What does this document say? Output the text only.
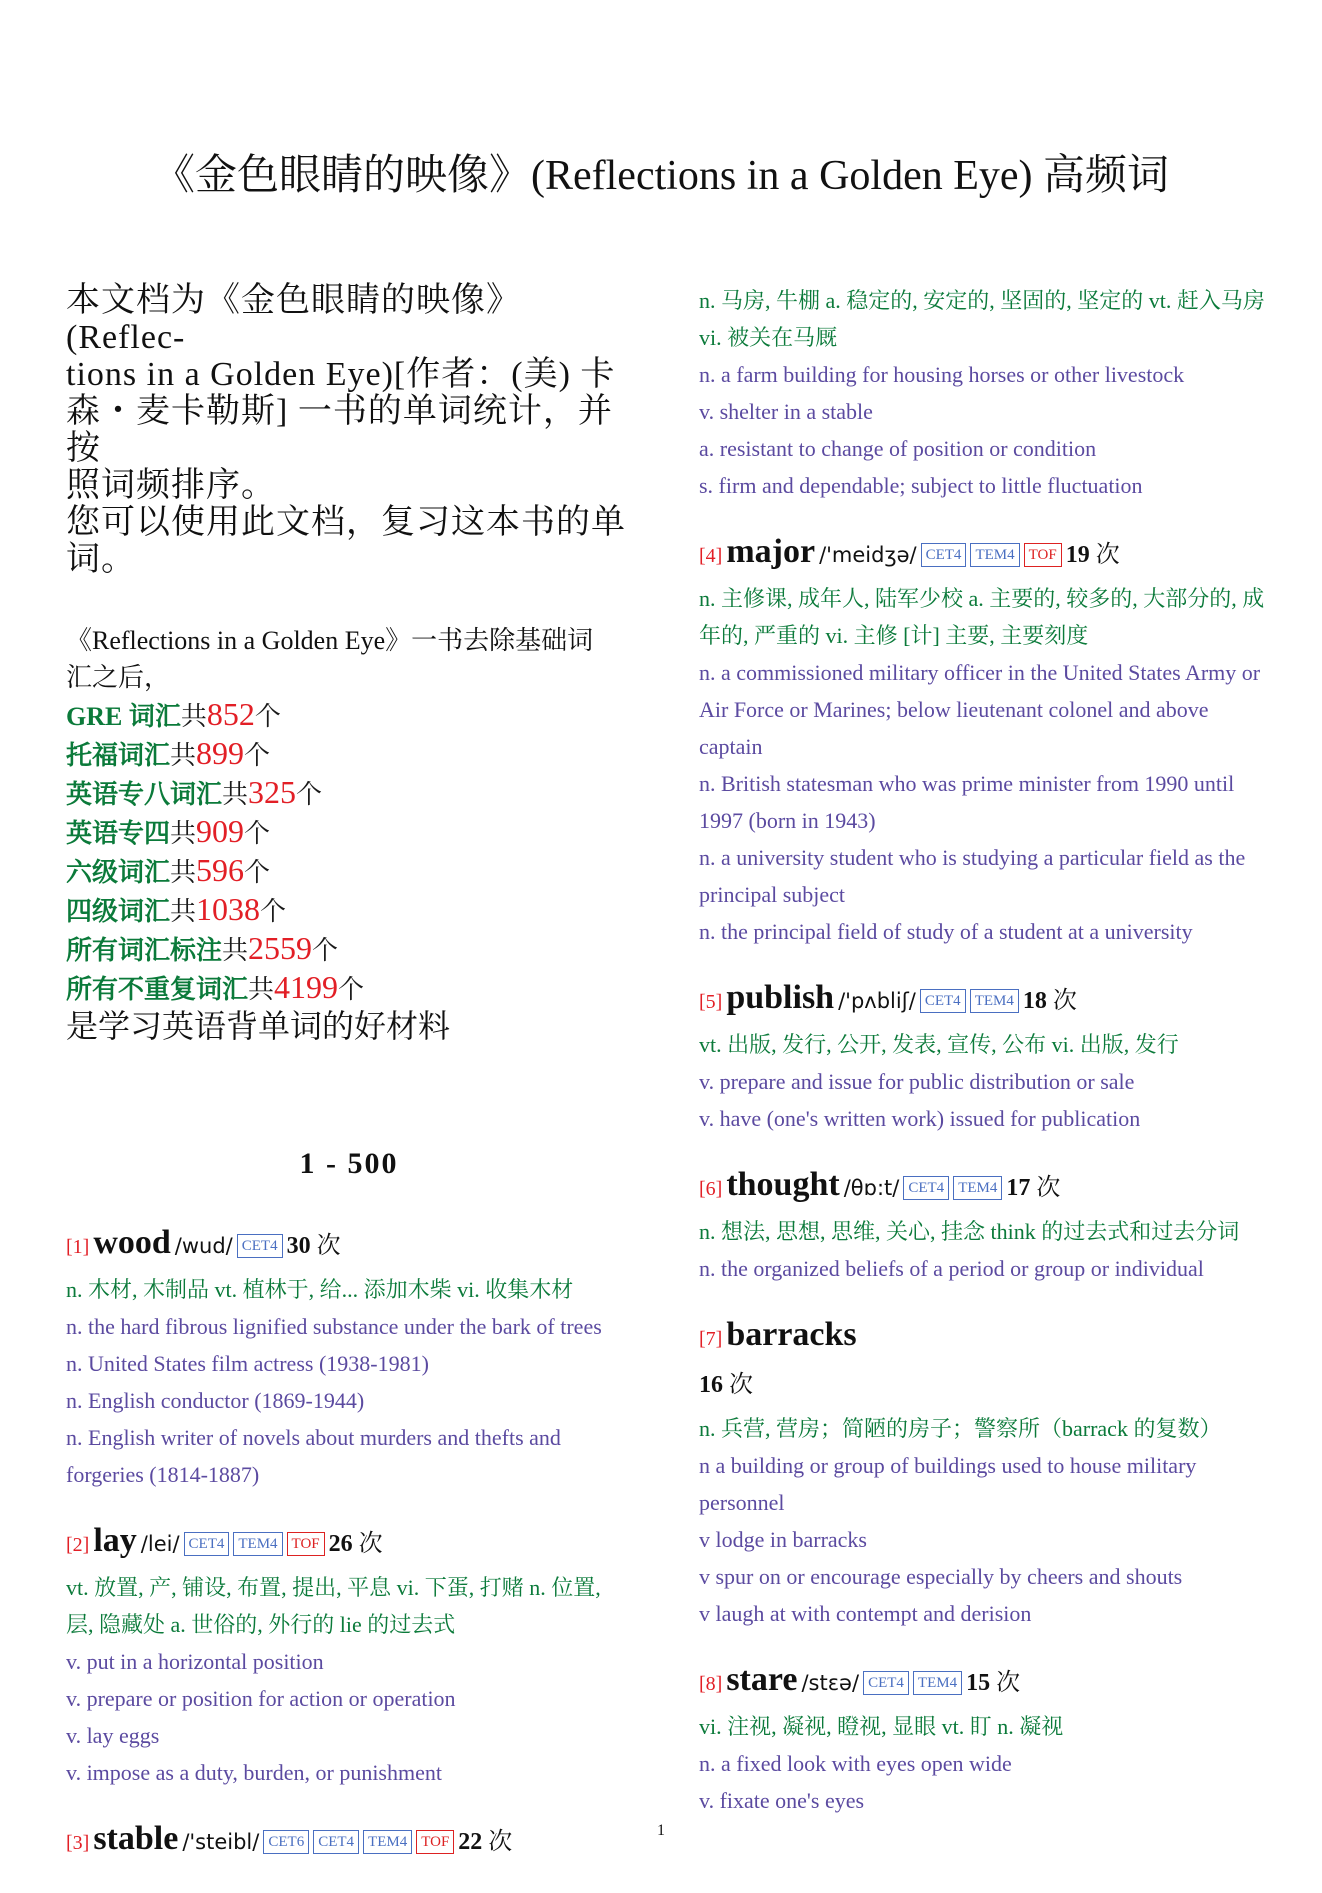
《金色眼睛的映像》(Reflections in a Golden Eye) 高频词
本文档为《金色眼睛的映像》(Reflec-
tions in a Golden Eye)[作者：(美) 卡
森・麦卡勒斯] 一书的单词统计，并按
照词频排序。
您可以使用此文档，复习这本书的单
词。
《Reflections in a Golden Eye》一书去除基础词
汇之后，
GRE 词汇共852个
托福词汇共899个
英语专八词汇共325个
英语专四共909个
六级词汇共596个
四级词汇共1038个
所有词汇标注共2559个
所有不重复词汇共4199个
是学习英语背单词的好材料
1 - 500
[1] wood /wud/ CET4 30 次
n. 木材, 木制品 vt. 植林于, 给... 添加木柴 vi. 收集木材
n. the hard fibrous lignified substance under the bark of trees
n. United States film actress (1938-1981)
n. English conductor (1869-1944)
n. English writer of novels about murders and thefts and forgeries (1814-1887)
[2] lay /lei/ CET4 TEM4 TOF 26 次
vt. 放置, 产, 铺设, 布置, 提出, 平息 vi. 下蛋, 打赌 n. 位置, 层, 隐藏处 a. 世俗的, 外行的 lie 的过去式
v. put in a horizontal position
v. prepare or position for action or operation
v. lay eggs
v. impose as a duty, burden, or punishment
[3] stable /'steibl/ CET6 CET4 TEM4 TOF 22 次
n. 马房, 牛棚 a. 稳定的, 安定的, 坚固的, 坚定的 vt. 赶入马房 vi. 被关在马厩
n. a farm building for housing horses or other livestock
v. shelter in a stable
a. resistant to change of position or condition
s. firm and dependable; subject to little fluctuation
[4] major /'meidʒə/ CET4 TEM4 TOF 19 次
n. 主修课, 成年人, 陆军少校 a. 主要的, 较多的, 大部分的, 成年的, 严重的 vi. 主修 [计] 主要, 主要刻度
n. a commissioned military officer in the United States Army or Air Force or Marines; below lieutenant colonel and above captain
n. British statesman who was prime minister from 1990 until 1997 (born in 1943)
n. a university student who is studying a particular field as the principal subject
n. the principal field of study of a student at a university
[5] publish /'pʌbliʃ/ CET4 TEM4 18 次
vt. 出版, 发行, 公开, 发表, 宣传, 公布 vi. 出版, 发行
v. prepare and issue for public distribution or sale
v. have (one's written work) issued for publication
[6] thought /θɒ:t/ CET4 TEM4 17 次
n. 想法, 思想, 思维, 关心, 挂念 think 的过去式和过去分词
n. the organized beliefs of a period or group or individual
[7] barracks
16 次
n. 兵营, 营房；简陋的房子；警察所（barrack 的复数）
n a building or group of buildings used to house military personnel
v lodge in barracks
v spur on or encourage especially by cheers and shouts
v laugh at with contempt and derision
[8] stare /stɛə/ CET4 TEM4 15 次
vi. 注视, 凝视, 瞪视, 显眼 vt. 盯 n. 凝视
n. a fixed look with eyes open wide
v. fixate one's eyes
1
